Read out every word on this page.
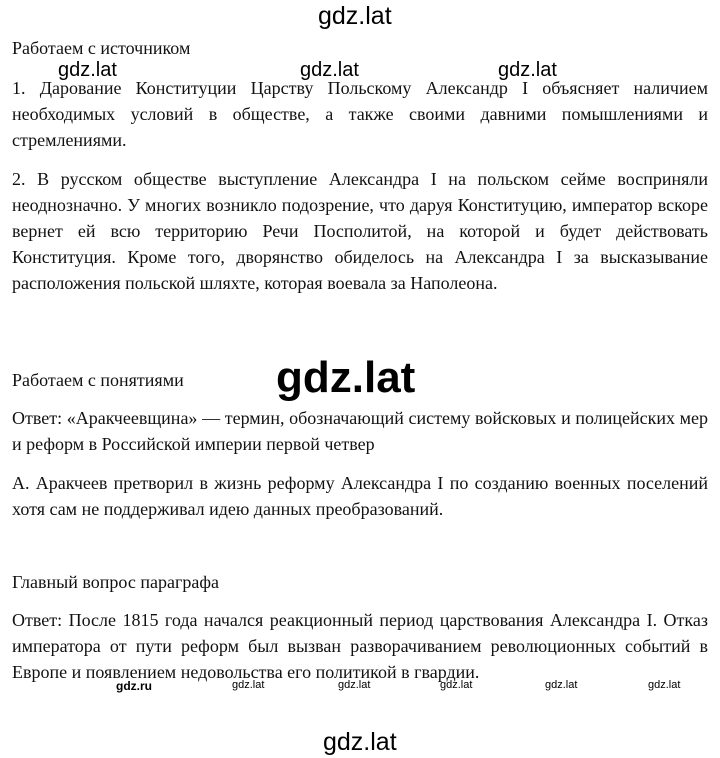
gdz.lat
Работаем с источником

1. Дарование Конституции Царству Польскому Александр I объясняет наличием необходимых условий в обществе, а также своими давними помышлениями и стремлениями.

2. В русском обществе выступление Александра I на польском сейме восприняли неоднозначно. У многих возникло подозрение, что даруя Конституцию, император вскоре вернет ей всю территорию Речи Посполитой, на которой и будет действовать Конституция. Кроме того, дворянство обиделось на Александра I за высказывание расположения польской шляхте, которая воевала за Наполеона.

Работаем с понятиями

Ответ: «Аракчеевщина» — термин, обозначающий систему войсковых и полицейских мер и реформ в Российской империи первой четвер

А. Аракчеев претворил в жизнь реформу Александра I по созданию военных поселений хотя сам не поддерживал идею данных преобразований.

Главный вопрос параграфа

Ответ: После 1815 года начался реакционный период царствования Александра I. Отказ императора от пути реформ был вызван разворачиванием революционных событий в Европе и появлением недовольства его политикой в гвардии.

gdz.lat	gdz.lat	gdz.lat
gdz.lat
gdz.ru	gdz.lat	gdz.lat	gdz.lat	gdz.lat	gdz.lat
gdz.lat
